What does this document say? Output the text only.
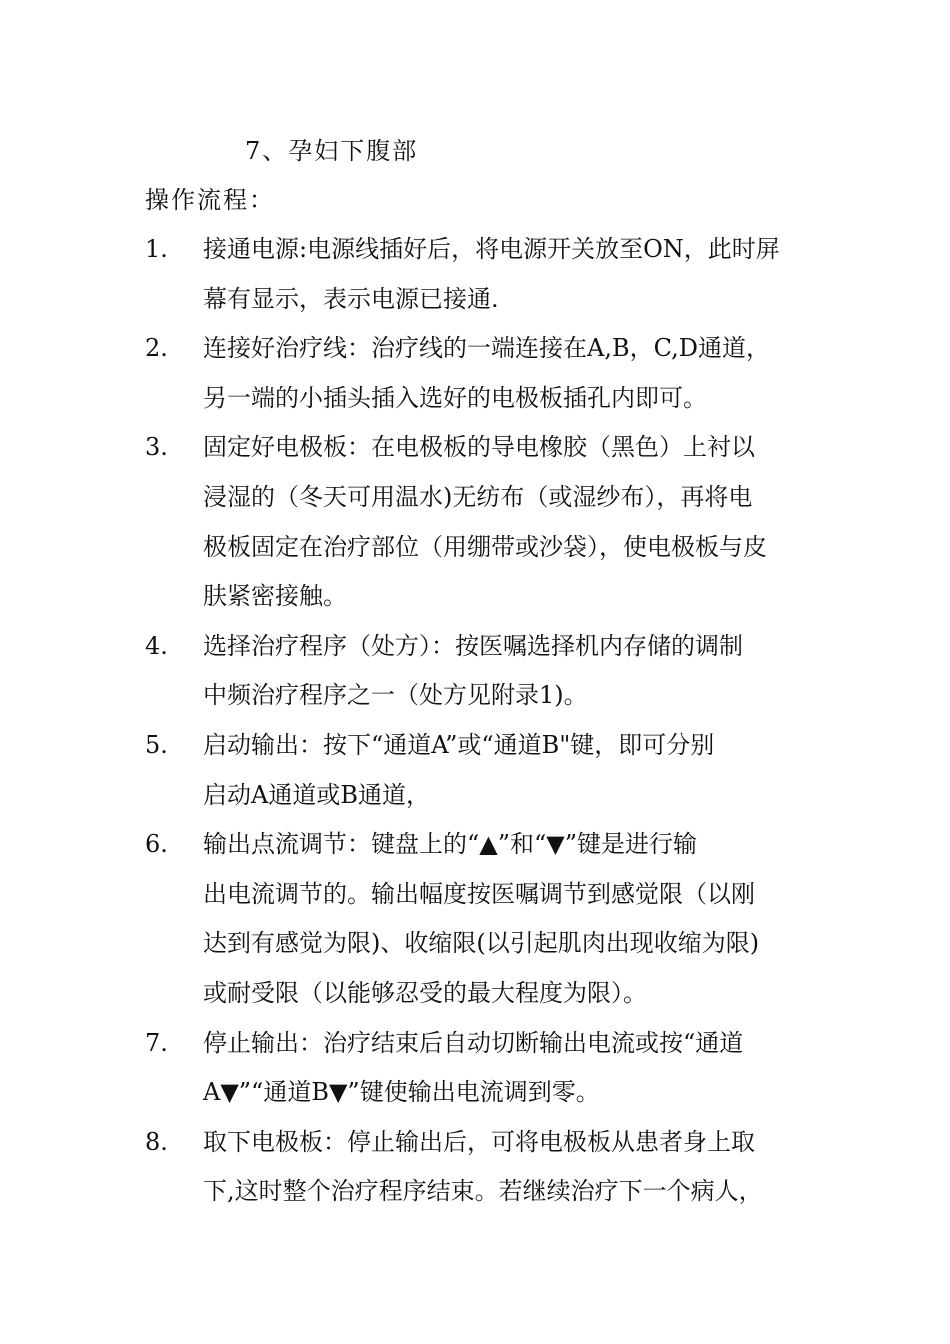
7、孕妇下腹部
操作流程：
1. 接通电源:电源线插好后，将电源开关放至ON，此时屏
幕有显示，表示电源已接通.
2. 连接好治疗线：治疗线的一端连接在A,B，C,D通道，
另一端的小插头插入选好的电极板插孔内即可。
3. 固定好电极板：在电极板的导电橡胶（黑色）上衬以
浸湿的（冬天可用温水)无纺布（或湿纱布），再将电
极板固定在治疗部位（用绷带或沙袋），使电极板与皮
肤紧密接触。
4. 选择治疗程序（处方）：按医嘱选择机内存储的调制
中频治疗程序之一（处方见附录1)。
5. 启动输出：按下“通道A”或“通道B"键，即可分别
启动A通道或B通道，
6. 输出点流调节：键盘上的“▲”和“▼”键是进行输
出电流调节的。输出幅度按医嘱调节到感觉限（以刚
达到有感觉为限)、收缩限(以引起肌肉出现收缩为限)
或耐受限（以能够忍受的最大程度为限）。
7. 停止输出：治疗结束后自动切断输出电流或按“通道
A▼”“通道B▼”键使输出电流调到零。
8. 取下电极板：停止输出后，可将电极板从患者身上取
下,这时整个治疗程序结束。若继续治疗下一个病人，
